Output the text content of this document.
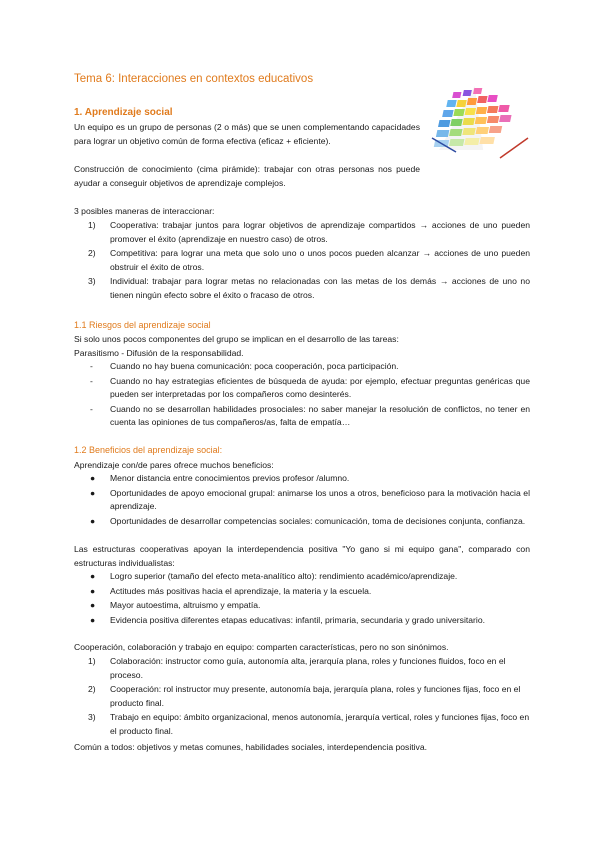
Tema 6: Interacciones en contextos educativos
1. Aprendizaje social
Un equipo es un grupo de personas (2 o más) que se unen complementando capacidades para lograr un objetivo común de forma efectiva (eficaz + eficiente).
Construcción de conocimiento (cima pirámide): trabajar con otras personas nos puede ayudar a conseguir objetivos de aprendizaje complejos.
3 posibles maneras de interaccionar:
1) Cooperativa: trabajar juntos para lograr objetivos de aprendizaje compartidos → acciones de uno pueden promover el éxito (aprendizaje en nuestro caso) de otros.
2) Competitiva: para lograr una meta que solo uno o unos pocos pueden alcanzar → acciones de uno pueden obstruir el éxito de otros.
3) Individual: trabajar para lograr metas no relacionadas con las metas de los demás → acciones de uno no tienen ningún efecto sobre el éxito o fracaso de otros.
1.1 Riesgos del aprendizaje social
Si solo unos pocos componentes del grupo se implican en el desarrollo de las tareas:
Parasitismo - Difusión de la responsabilidad.
- Cuando no hay buena comunicación: poca cooperación, poca participación.
- Cuando no hay estrategias eficientes de búsqueda de ayuda: por ejemplo, efectuar preguntas genéricas que pueden ser interpretadas por los compañeros como desinterés.
- Cuando no se desarrollan habilidades prosociales: no saber manejar la resolución de conflictos, no tener en cuenta las opiniones de tus compañeros/as, falta de empatía…
1.2 Beneficios del aprendizaje social:
Aprendizaje con/de pares ofrece muchos beneficios:
● Menor distancia entre conocimientos previos profesor /alumno.
● Oportunidades de apoyo emocional grupal: animarse los unos a otros, beneficioso para la motivación hacia el aprendizaje.
● Oportunidades de desarrollar competencias sociales: comunicación, toma de decisiones conjunta, confianza.
Las estructuras cooperativas apoyan la interdependencia positiva "Yo gano si mi equipo gana", comparado con estructuras individualistas:
● Logro superior (tamaño del efecto meta-analítico alto): rendimiento académico/aprendizaje.
● Actitudes más positivas hacia el aprendizaje, la materia y la escuela.
● Mayor autoestima, altruismo y empatía.
● Evidencia positiva diferentes etapas educativas: infantil, primaria, secundaria y grado universitario.
Cooperación, colaboración y trabajo en equipo: comparten características, pero no son sinónimos.
1) Colaboración: instructor como guía, autonomía alta, jerarquía plana, roles y funciones fluidos, foco en el proceso.
2) Cooperación: rol instructor muy presente, autonomía baja, jerarquía plana, roles y funciones fijas, foco en el producto final.
3) Trabajo en equipo: ámbito organizacional, menos autonomía, jerarquía vertical, roles y funciones fijas, foco en el producto final.
Común a todos: objetivos y metas comunes, habilidades sociales, interdependencia positiva.
